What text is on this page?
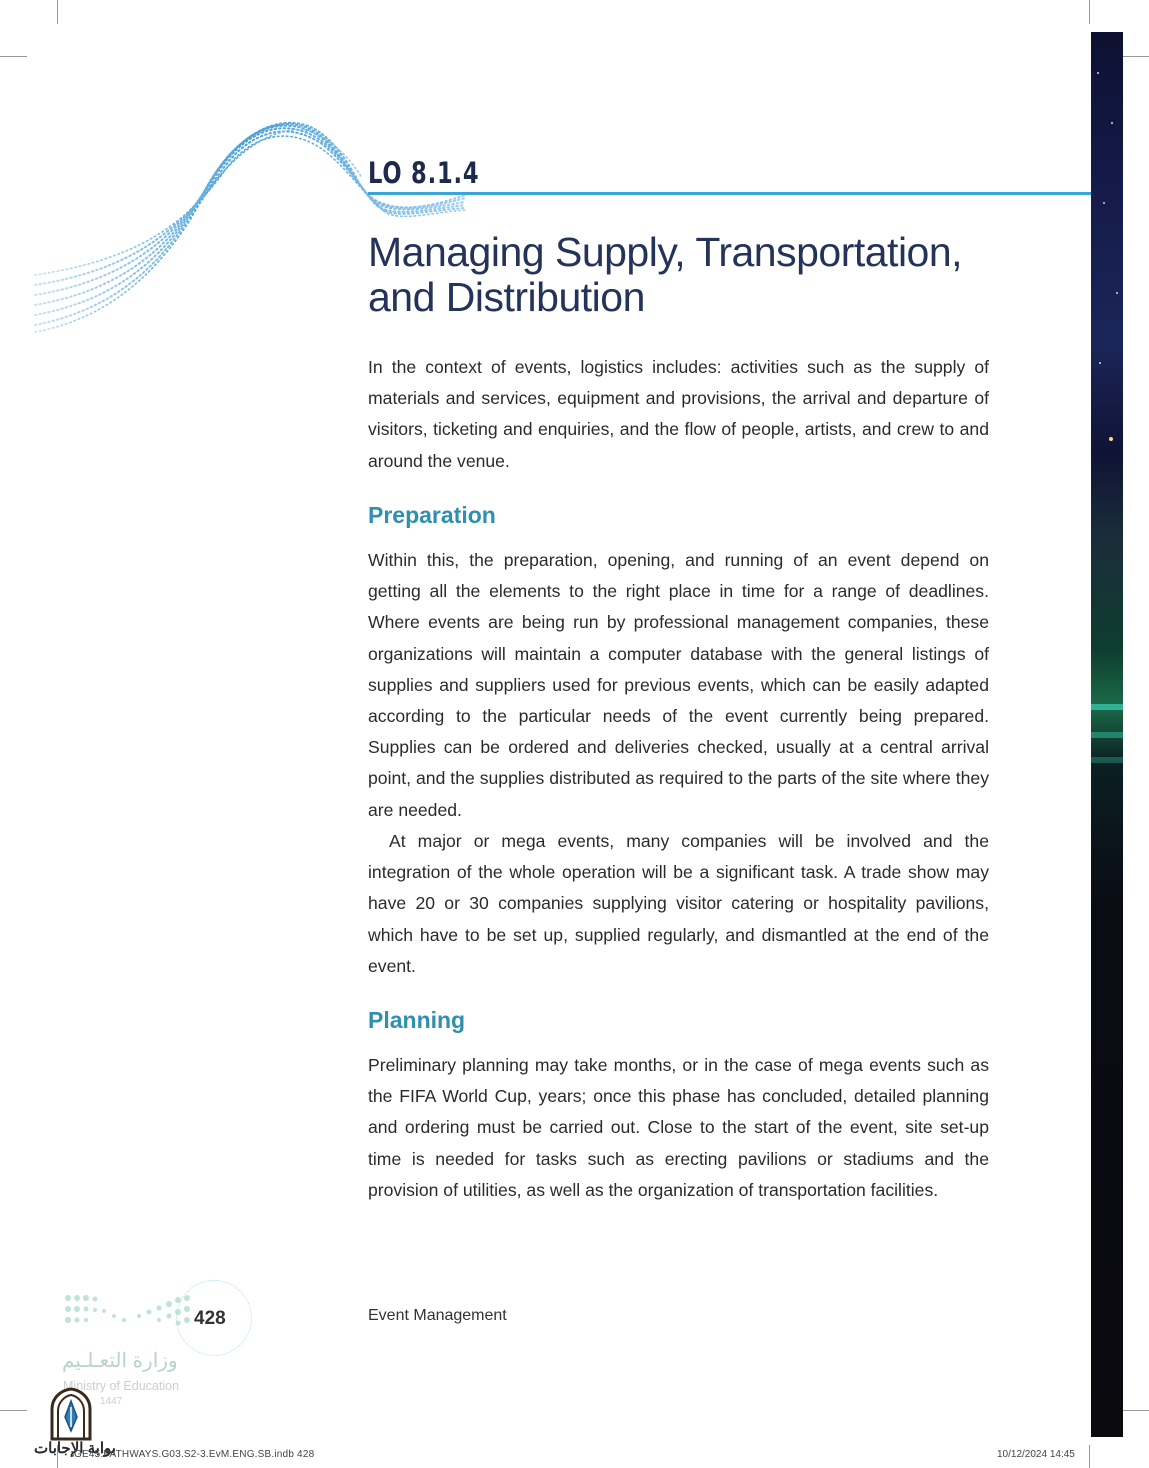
LO 8.1.4
Managing Supply, Transportation,
and Distribution

In the context of events, logistics includes: activities such as the supply of materials and services, equipment and provisions, the arrival and departure of visitors, ticketing and enquiries, and the flow of people, artists, and crew to and around the venue.

Preparation

Within this, the preparation, opening, and running of an event depend on getting all the elements to the right place in time for a range of deadlines. Where events are being run by professional management companies, these organizations will maintain a computer database with the general listings of supplies and suppliers used for previous events, which can be easily adapted according to the particular needs of the event currently being prepared. Supplies can be ordered and deliveries checked, usually at a central arrival point, and the supplies distributed as required to the parts of the site where they are needed.

At major or mega events, many companies will be involved and the integration of the whole operation will be a significant task. A trade show may have 20 or 30 companies supplying visitor catering or hospitality pavilions, which have to be set up, supplied regularly, and dismantled at the end of the event.

Planning

Preliminary planning may take months, or in the case of mega events such as the FIFA World Cup, years; once this phase has concluded, detailed planning and ordering must be carried out. Close to the start of the event, site set-up time is needed for tasks such as erecting pavilions or stadiums and the provision of utilities, as well as the organization of transportation facilities.

428	Event Management
وزارة التعـلـيم
Ministry of Education
1447
بوابة الإجابات
GE45.PATHWAYS.G03.S2-3.EvM.ENG.SB.indb 428	10/12/2024 14:45
